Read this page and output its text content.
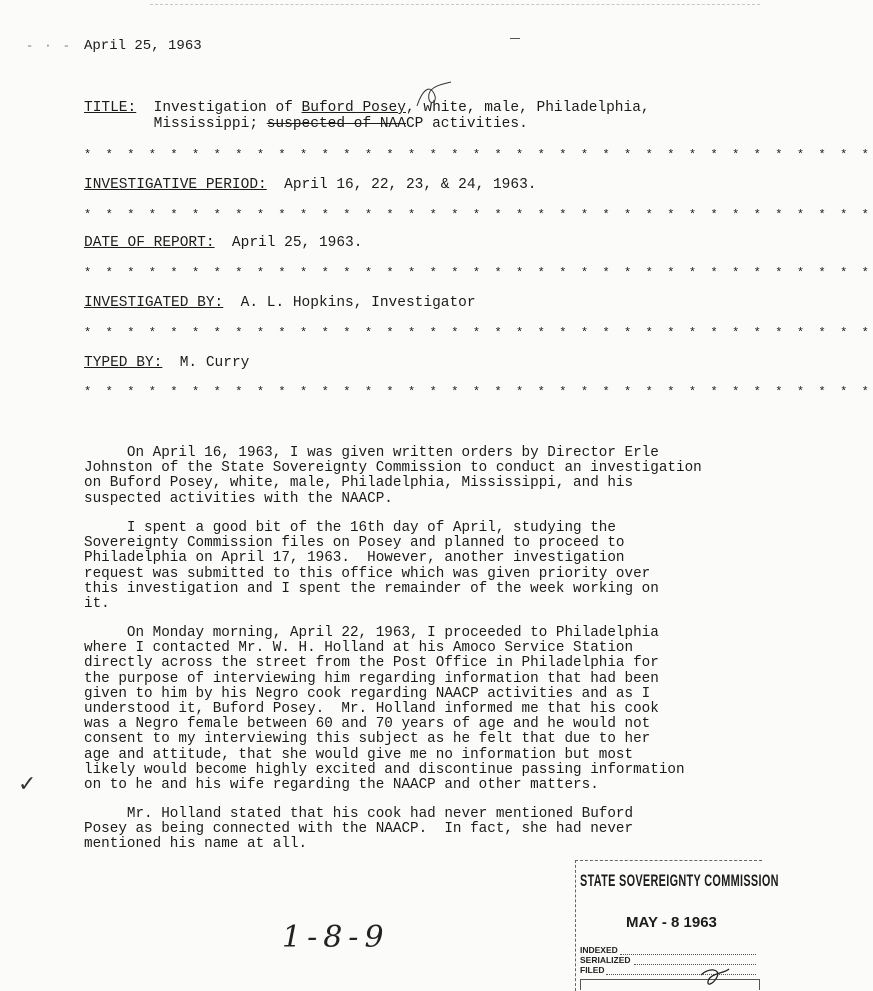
- · - April 25, 1963
TITLE:  Investigation of Buford Posey, white, male, Philadelphia,
Mississippi; suspected of NAACP activities.
* * * * * * * * * * * * * * * * * * * * * * * * * * * * * * * * * * * * *
INVESTIGATIVE PERIOD:  April 16, 22, 23, & 24, 1963.
* * * * * * * * * * * * * * * * * * * * * * * * * * * * * * * * * * * * *
DATE OF REPORT:  April 25, 1963.
* * * * * * * * * * * * * * * * * * * * * * * * * * * * * * * * * * * * *
INVESTIGATED BY:  A. L. Hopkins, Investigator
* * * * * * * * * * * * * * * * * * * * * * * * * * * * * * * * * * * * *
TYPED BY:  M. Curry
* * * * * * * * * * * * * * * * * * * * * * * * * * * * * * * * * * * * *
On April 16, 1963, I was given written orders by Director Erle
Johnston of the State Sovereignty Commission to conduct an investigation
on Buford Posey, white, male, Philadelphia, Mississippi, and his
suspected activities with the NAACP.
I spent a good bit of the 16th day of April, studying the
Sovereignty Commission files on Posey and planned to proceed to
Philadelphia on April 17, 1963.  However, another investigation
request was submitted to this office which was given priority over
this investigation and I spent the remainder of the week working on
it.
On Monday morning, April 22, 1963, I proceeded to Philadelphia
where I contacted Mr. W. H. Holland at his Amoco Service Station
directly across the street from the Post Office in Philadelphia for
the purpose of interviewing him regarding information that had been
given to him by his Negro cook regarding NAACP activities and as I
understood it, Buford Posey.  Mr. Holland informed me that his cook
was a Negro female between 60 and 70 years of age and he would not
consent to my interviewing this subject as he felt that due to her
age and attitude, that she would give me no information but most
likely would become highly excited and discontinue passing information
on to he and his wife regarding the NAACP and other matters.
Mr. Holland stated that his cook had never mentioned Buford
Posey as being connected with the NAACP.  In fact, she had never
mentioned his name at all.
✓
1-8-9
STATE SOVEREIGNTY COMMISSION
MAY - 8 1963
INDEXED
SERIALIZED
FILED
